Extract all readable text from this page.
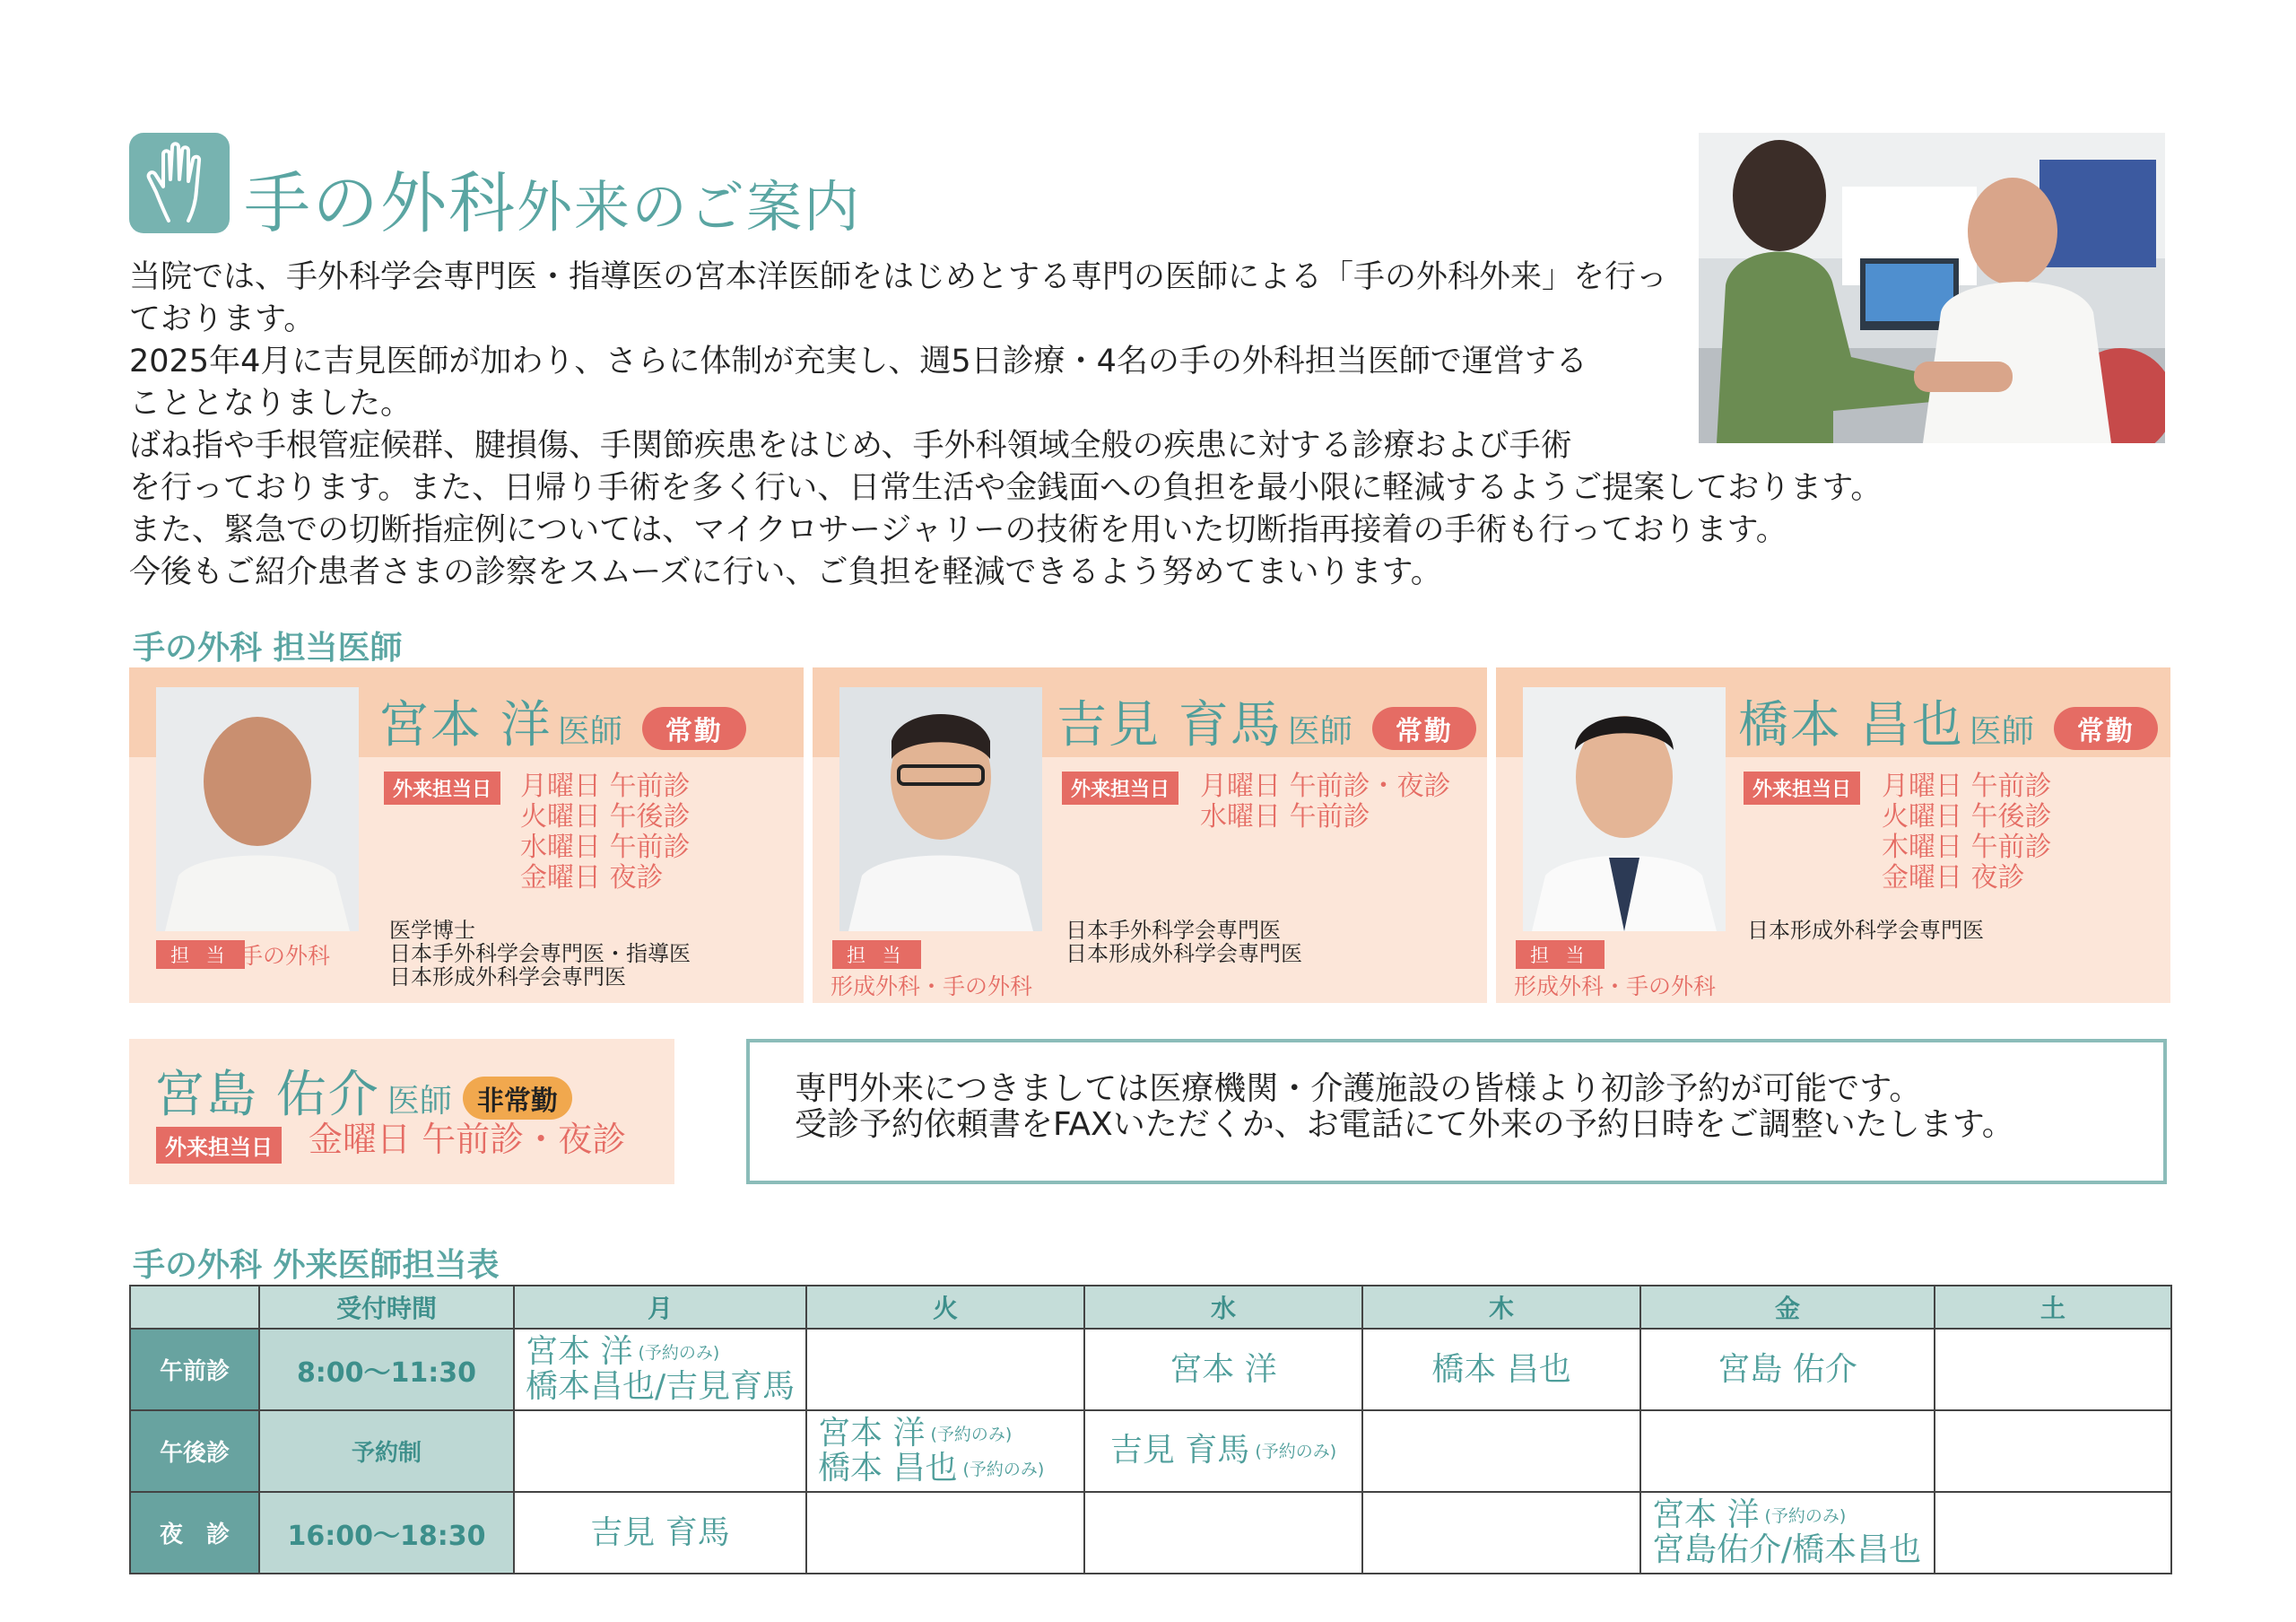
手の外科外来のご案内

当院では、手外科学会専門医・指導医の宮本洋医師をはじめとする専門の医師による「手の外科外来」を行っ

ております。

2025年4月に吉見医師が加わり、さらに体制が充実し、週5日診療・4名の手の外科担当医師で運営する

こととなりました。

ばね指や手根管症候群、腱損傷、手関節疾患をはじめ、手外科領域全般の疾患に対する診療および手術

を行っております。また、日帰り手術を多く行い、日常生活や金銭面への負担を最小限に軽減するようご提案しております。

また、緊急での切断指症例については、マイクロサージャリーの技術を用いた切断指再接着の手術も行っております。

今後もご紹介患者さまの診察をスムーズに行い、ご負担を軽減できるよう努めてまいります。

手の外科 担当医師
宮本 洋 医師 常勤
外来担当日	月曜日 午前診
火曜日 午後診
水曜日 午前診
金曜日 夜診
医学博士
日本手外科学会専門医・指導医
日本形成外科学会専門医
担 当 手の外科
吉見 育馬 医師 常勤
外来担当日	月曜日 午前診・夜診
水曜日 午前診
日本手外科学会専門医
日本形成外科学会専門医
担 当
形成外科・手の外科
橋本 昌也 医師 常勤
外来担当日	月曜日 午前診
火曜日 午後診
木曜日 午前診
金曜日 夜診
日本形成外科学会専門医
担 当
形成外科・手の外科
宮島 佑介 医師 非常勤
外来担当日 金曜日 午前診・夜診

専門外来につきましては医療機関・介護施設の皆様より初診予約が可能です。

受診予約依頼書をFAXいただくか、お電話にて外来の予約日時をご調整いたします。

手の外科 外来医師担当表
	受付時間	月	火	水	木	金	土
午前診	8:00～11:30	宮本 洋 (予約のみ)
橋本昌也/吉見育馬		宮本 洋	橋本 昌也	宮島 佑介	

午後診	予約制		宮本 洋 (予約のみ)
橋本 昌也 (予約のみ)	吉見 育馬 (予約のみ)			

夜　診	16:00～18:30	吉見 育馬				宮本 洋 (予約のみ)
宮島佑介/橋本昌也	
